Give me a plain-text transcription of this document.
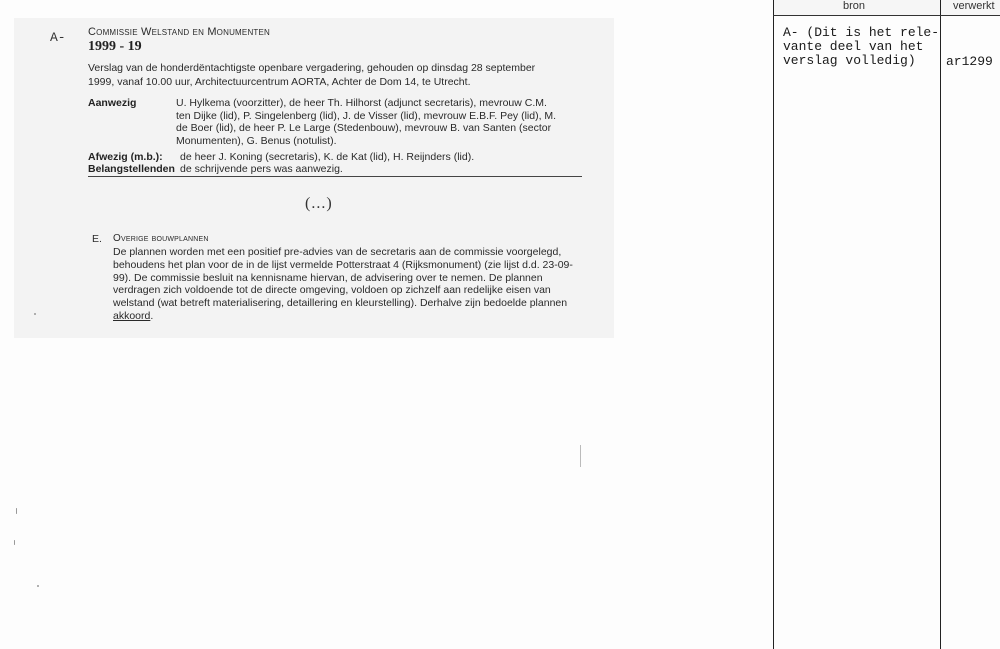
A- Commissie Welstand en Monumenten
1999 - 19
Verslag van de honderdëntachtigste openbare vergadering, gehouden op dinsdag 28 september
1999, vanaf 10.00 uur, Architectuurcentrum AORTA, Achter de Dom 14, te Utrecht.
Aanwezig	U. Hylkema (voorzitter), de heer Th. Hilhorst (adjunct secretaris), mevrouw C.M.
ten Dijke (lid), P. Singelenberg (lid), J. de Visser (lid), mevrouw E.B.F. Pey (lid), M.
de Boer (lid), de heer P. Le Large (Stedenbouw), mevrouw B. van Santen (sector
Monumenten), G. Benus (notulist).
Afwezig (m.b.): de heer J. Koning (secretaris), K. de Kat (lid), H. Reijnders (lid).
Belangstellenden de schrijvende pers was aanwezig.
(...)
E. Overige bouwplannen
De plannen worden met een positief pre-advies van de secretaris aan de commissie voorgelegd,
behoudens het plan voor de in de lijst vermelde Potterstraat 4 (Rijksmonument) (zie lijst d.d. 23-09-
99). De commissie besluit na kennisname hiervan, de advisering over te nemen. De plannen
verdragen zich voldoende tot de directe omgeving, voldoen op zichzelf aan redelijke eisen van
welstand (wat betreft materialisering, detaillering en kleurstelling). Derhalve zijn bedoelde plannen
akkoord.
bron	verwerkt
A- (Dit is het rele-
vante deel van het
verslag volledig)	ar1299
